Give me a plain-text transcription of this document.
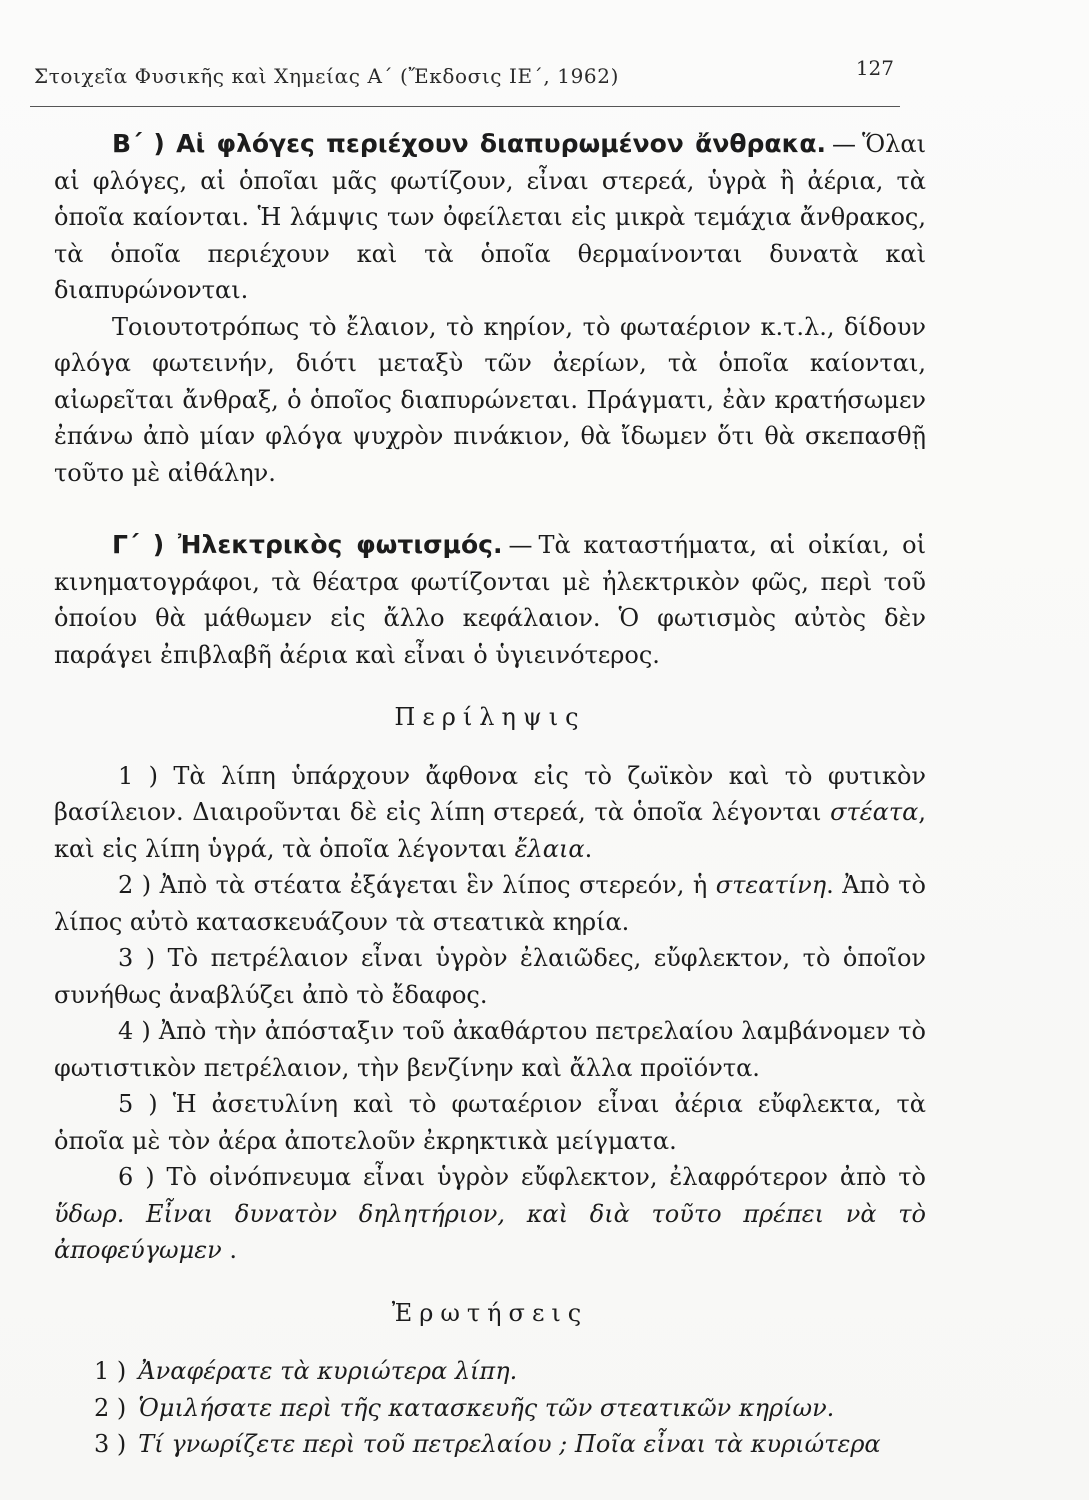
Στοιχεῖα Φυσικῆς καὶ Χημείας Α΄ (Ἔκδοσις ΙΕ΄, 1962)	127

Β΄ ) Αἱ φλόγες περιέχουν διαπυρωμένον ἄνθρακα. — Ὅλαι αἱ φλόγες, αἱ ὁποῖαι μᾶς φωτίζουν, εἶναι στερεά, ὑγρὰ ἢ ἀέρια, τὰ ὁποῖα καίονται. Ἡ λάμψις των ὀφείλεται εἰς μικρὰ τεμάχια ἄνθρακος, τὰ ὁποῖα περιέχουν καὶ τὰ ὁποῖα θερμαίνονται δυνατὰ καὶ διαπυρώνονται.

Τοιουτοτρόπως τὸ ἔλαιον, τὸ κηρίον, τὸ φωταέριον κ.τ.λ., δίδουν φλόγα φωτεινήν, διότι μεταξὺ τῶν ἀερίων, τὰ ὁποῖα καίονται, αἰωρεῖται ἄνθραξ, ὁ ὁποῖος διαπυρώνεται. Πράγματι, ἐὰν κρατήσωμεν ἐπάνω ἀπὸ μίαν φλόγα ψυχρὸν πινάκιον, θὰ ἴδωμεν ὅτι θὰ σκεπασθῇ τοῦτο μὲ αἰθάλην.

Γ΄ ) Ἠλεκτρικὸς φωτισμός. — Τὰ καταστήματα, αἱ οἰκίαι, οἱ κινηματογράφοι, τὰ θέατρα φωτίζονται μὲ ἠλεκτρικὸν φῶς, περὶ τοῦ ὁποίου θὰ μάθωμεν εἰς ἄλλο κεφάλαιον. Ὁ φωτισμὸς αὐτὸς δὲν παράγει ἐπιβλαβῆ ἀέρια καὶ εἶναι ὁ ὑγιεινότερος.

Περίληψις

1 ) Τὰ λίπη ὑπάρχουν ἄφθονα εἰς τὸ ζωϊκὸν καὶ τὸ φυτικὸν βασίλειον. Διαιροῦνται δὲ εἰς λίπη στερεά, τὰ ὁποῖα λέγονται στέατα, καὶ εἰς λίπη ὑγρά, τὰ ὁποῖα λέγονται ἔλαια.

2 ) Ἀπὸ τὰ στέατα ἐξάγεται ἓν λίπος στερεόν, ἡ στεατίνη. Ἀπὸ τὸ λίπος αὐτὸ κατασκευάζουν τὰ στεατικὰ κηρία.

3 ) Τὸ πετρέλαιον εἶναι ὑγρὸν ἐλαιῶδες, εὔφλεκτον, τὸ ὁποῖον συνήθως ἀναβλύζει ἀπὸ τὸ ἔδαφος.

4 ) Ἀπὸ τὴν ἀπόσταξιν τοῦ ἀκαθάρτου πετρελαίου λαμβάνομεν τὸ φωτιστικὸν πετρέλαιον, τὴν βενζίνην καὶ ἄλλα προϊόντα.

5 ) Ἡ ἀσετυλίνη καὶ τὸ φωταέριον εἶναι ἀέρια εὔφλεκτα, τὰ ὁποῖα μὲ τὸν ἀέρα ἀποτελοῦν ἐκρηκτικὰ μείγματα.

6 ) Τὸ οἰνόπνευμα εἶναι ὑγρὸν εὔφλεκτον, ἐλαφρότερον ἀπὸ τὸ ὕδωρ. Εἶναι δυνατὸν δηλητήριον, καὶ διὰ τοῦτο πρέπει νὰ τὸ ἀποφεύγωμεν .

Ἐρωτήσεις

1 ) Ἀναφέρατε τὰ κυριώτερα λίπη.

2 ) Ὁμιλήσατε περὶ τῆς κατασκευῆς τῶν στεατικῶν κηρίων.

3 ) Τί γνωρίζετε περὶ τοῦ πετρελαίου ; Ποῖα εἶναι τὰ κυριώτερα
